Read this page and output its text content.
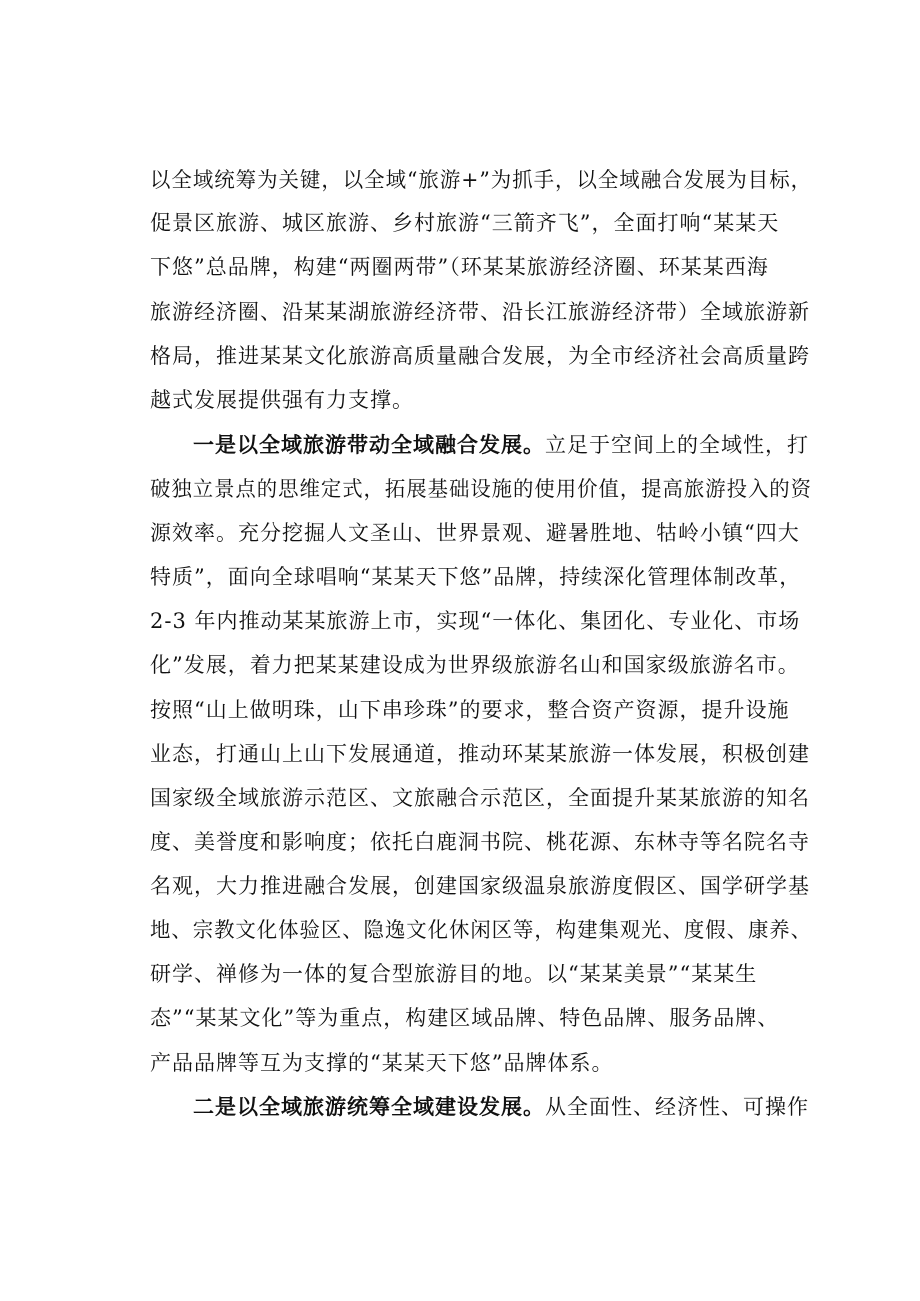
以全域统筹为关键，以全域“旅游+”为抓手，以全域融合发展为目标，
促景区旅游、城区旅游、乡村旅游“三箭齐飞”，全面打响“某某天
下悠”总品牌，构建“两圈两带”（环某某旅游经济圈、环某某西海
旅游经济圈、沿某某湖旅游经济带、沿长江旅游经济带）全域旅游新
格局，推进某某文化旅游高质量融合发展，为全市经济社会高质量跨
越式发展提供强有力支撑。
一是以全域旅游带动全域融合发展。立足于空间上的全域性，打
破独立景点的思维定式，拓展基础设施的使用价值，提高旅游投入的资
源效率。充分挖掘人文圣山、世界景观、避暑胜地、牯岭小镇“四大
特质”，面向全球唱响“某某天下悠”品牌，持续深化管理体制改革，
2-3 年内推动某某旅游上市，实现“一体化、集团化、专业化、市场
化”发展，着力把某某建设成为世界级旅游名山和国家级旅游名市。
按照“山上做明珠，山下串珍珠”的要求，整合资产资源，提升设施
业态，打通山上山下发展通道，推动环某某旅游一体发展，积极创建
国家级全域旅游示范区、文旅融合示范区，全面提升某某旅游的知名
度、美誉度和影响度；依托白鹿洞书院、桃花源、东林寺等名院名寺
名观，大力推进融合发展，创建国家级温泉旅游度假区、国学研学基
地、宗教文化体验区、隐逸文化休闲区等，构建集观光、度假、康养、
研学、禅修为一体的复合型旅游目的地。以“某某美景”“某某生
态”“某某文化”等为重点，构建区域品牌、特色品牌、服务品牌、
产品品牌等互为支撑的“某某天下悠”品牌体系。
二是以全域旅游统筹全域建设发展。从全面性、经济性、可操作
